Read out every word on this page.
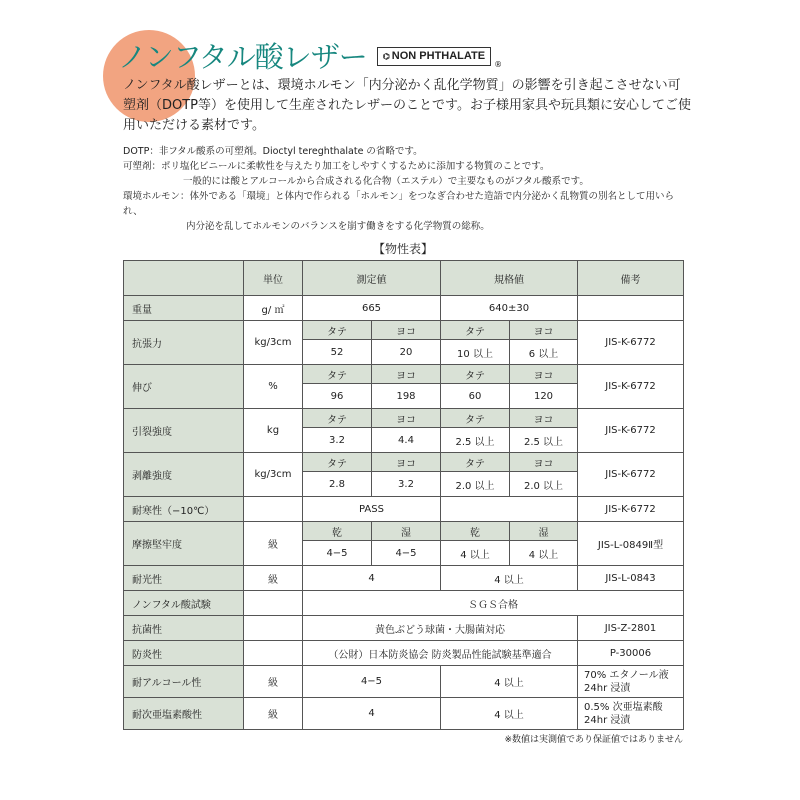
ノンフタル酸レザー	⌬ NON PHTHALATE
®
ノンフタル酸レザーとは、環境ホルモン「内分泌かく乱化学物質」の影響を引き起こさせない可塑剤（DOTP等）を使用して生産されたレザーのことです。お子様用家具や玩具類に安心してご使用いただける素材です。
DOTP：非フタル酸系の可塑剤。Dioctyl tereghthalate の省略です。
可塑剤：ポリ塩化ビニールに柔軟性を与えたり加工をしやすくするために添加する物質のことです。
一般的には酸とアルコールから合成される化合物（エステル）で主要なものがフタル酸系です。
環境ホルモン：体外である「環境」と体内で作られる「ホルモン」をつなぎ合わせた造語で内分泌かく乱物質の別名として用いられ、
内分泌を乱してホルモンのバランスを崩す働きをする化学物質の総称。
【物性表】
	単位	測定値		規格値		備考
重量	g/ ㎡	665		640±30		
抗張力	kg/3cm	タテ	ヨコ	タテ	ヨコ	JIS-K-6772
		52	20	10 以上	6 以上	
伸び	%	タテ	ヨコ	タテ	ヨコ	JIS-K-6772
		96	198	60	120	
引裂強度	kg	タテ	ヨコ	タテ	ヨコ	JIS-K-6772
		3.2	4.4	2.5 以上	2.5 以上	
剥離強度	kg/3cm	タテ	ヨコ	タテ	ヨコ	JIS-K-6772
		2.8	3.2	2.0 以上	2.0 以上	
耐寒性（−10℃）		PASS				JIS-K-6772
摩擦堅牢度	級	乾	湿	乾	湿	JIS-L-0849Ⅱ型
		4−5	4−5	4 以上	4 以上	
耐光性	級	4		4 以上		JIS-L-0843
ノンフタル酸試験		ＳＧＳ合格				
抗菌性		黄色ぶどう球菌・大腸菌対応				JIS-Z-2801
防炎性		（公財）日本防炎協会 防炎製品性能試験基準適合				P-30006
耐アルコール性	級	4−5		4 以上		70% エタノール液
24hr 浸漬

耐次亜塩素酸性	級	4		4 以上		0.5% 次亜塩素酸
24hr 浸漬
※数値は実測値であり保証値ではありません
